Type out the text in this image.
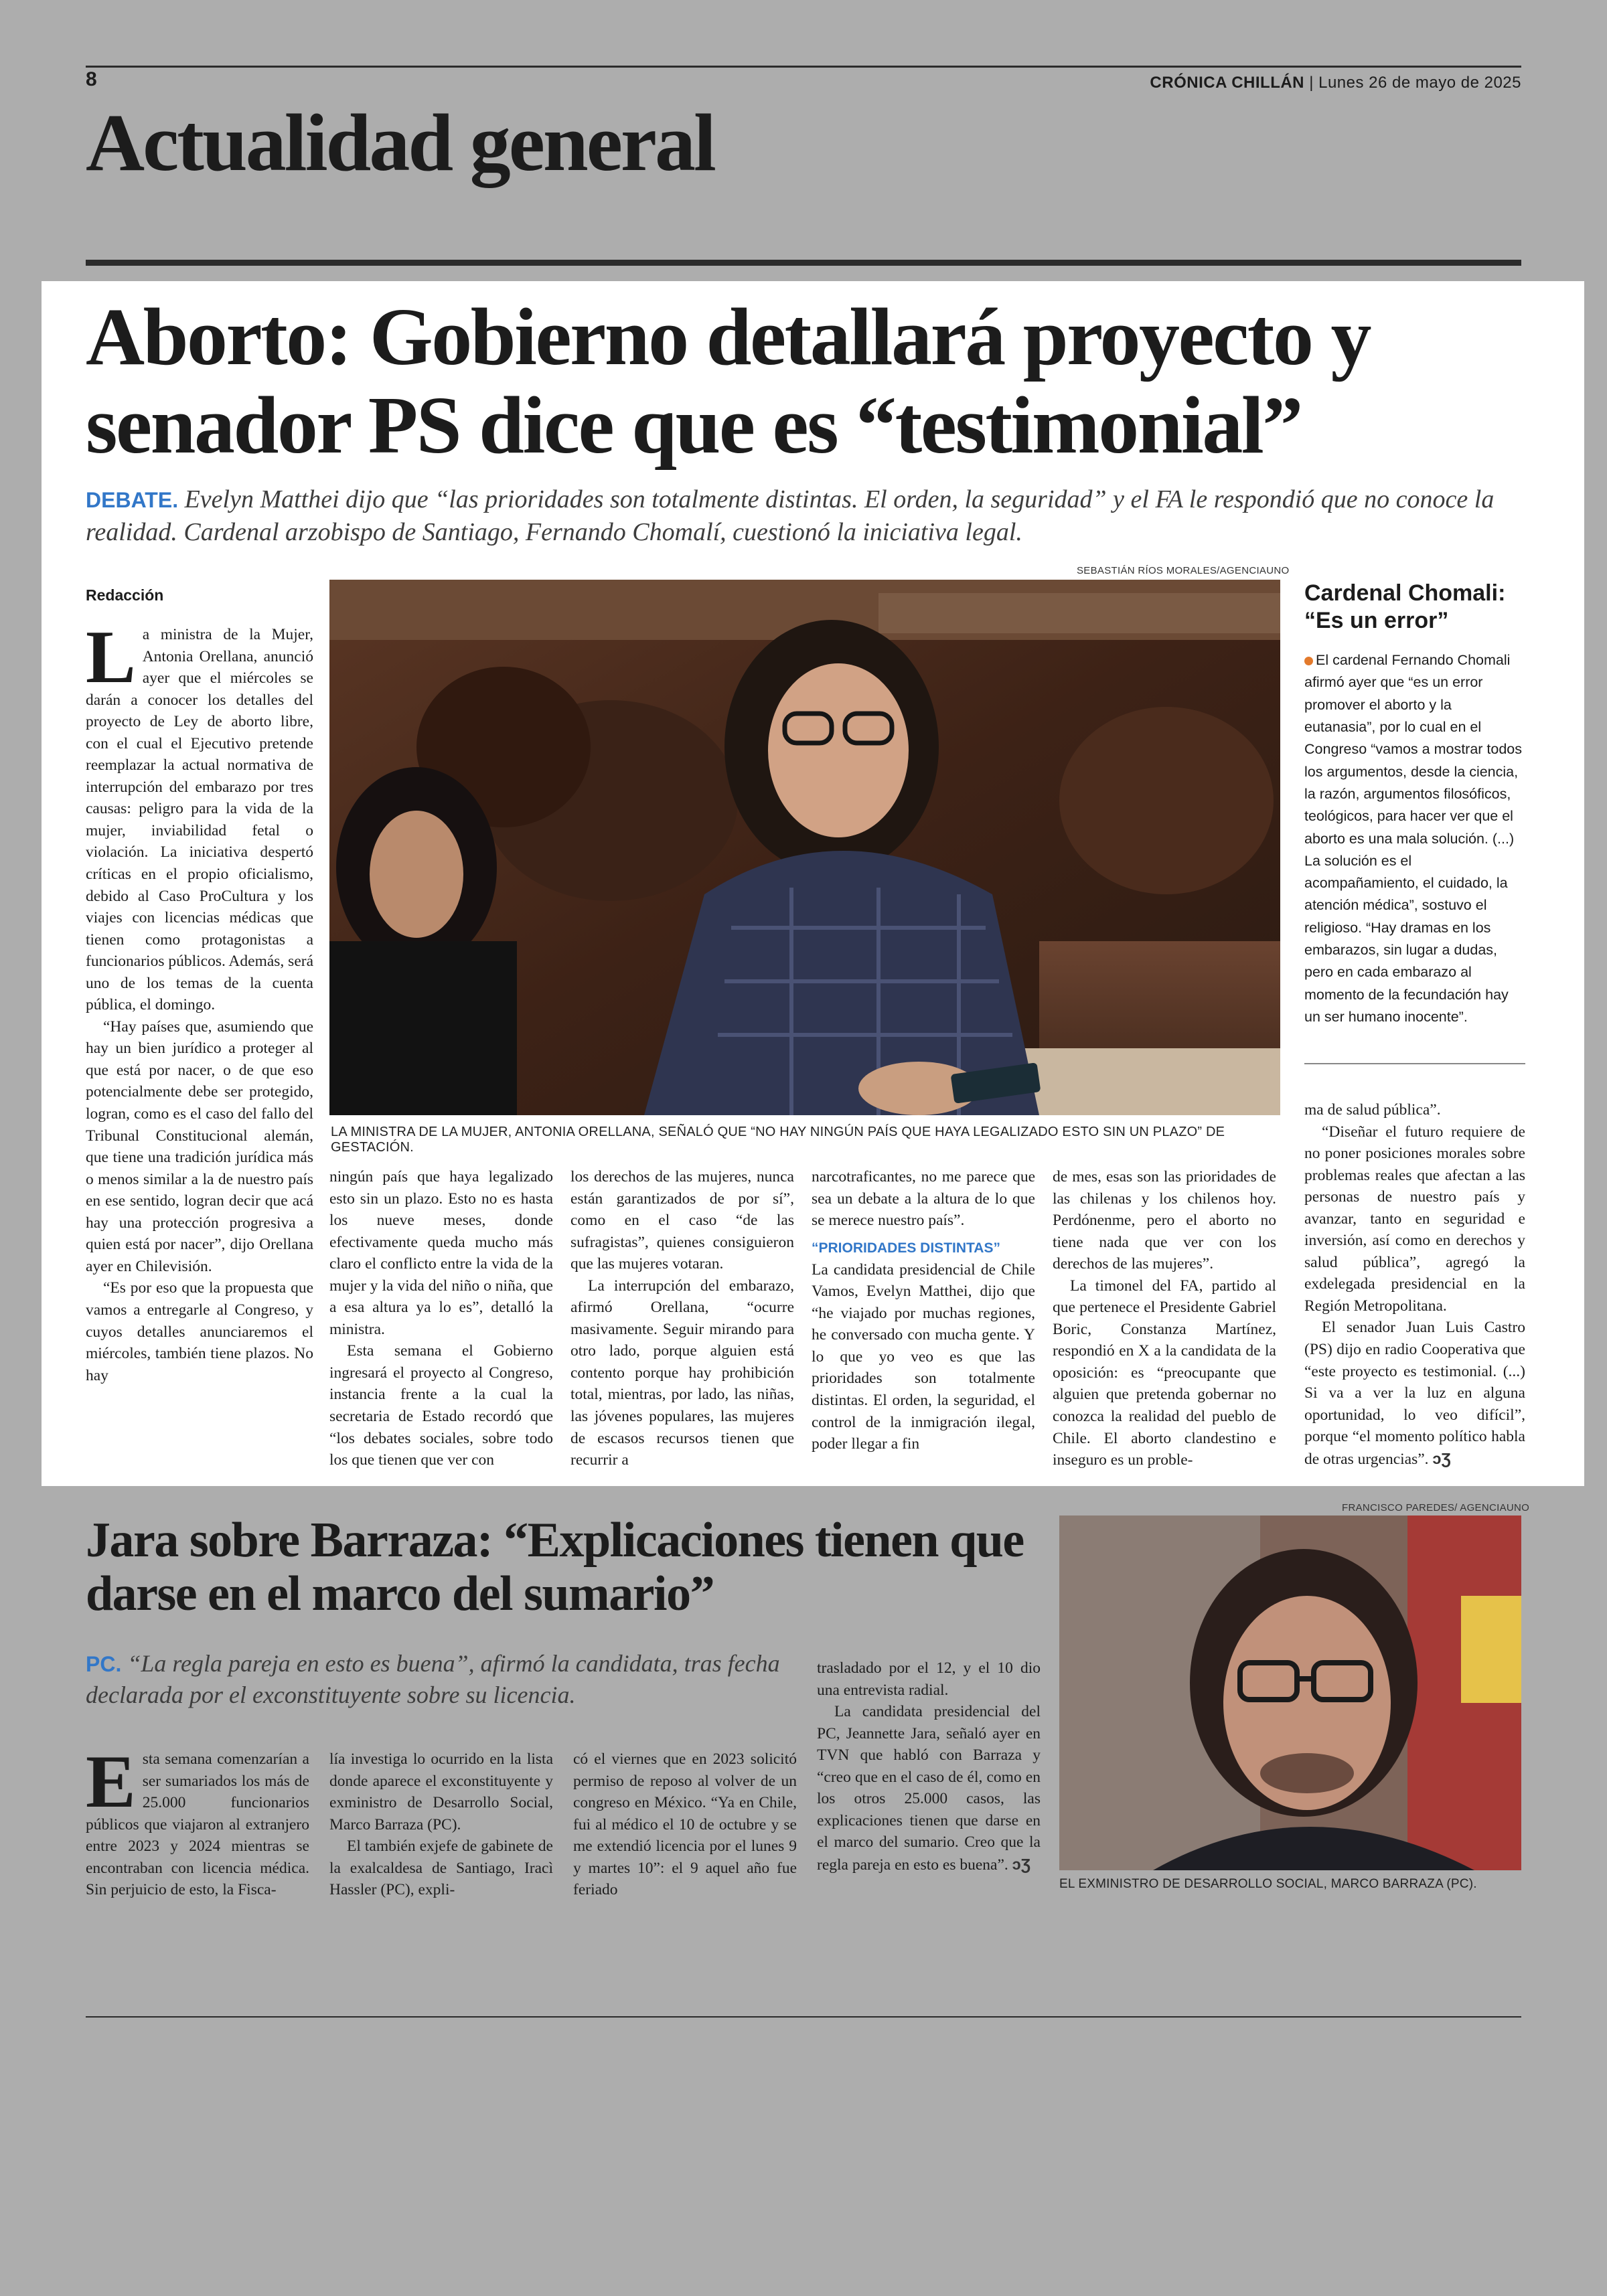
8	CRÓNICA CHILLÁN | Lunes 26 de mayo de 2025
Actualidad general
Aborto: Gobierno detallará proyecto y senador PS dice que es “testimonial”
DEBATE. Evelyn Matthei dijo que “las prioridades son totalmente distintas. El orden, la seguridad” y el FA le respondió que no conoce la realidad. Cardenal arzobispo de Santiago, Fernando Chomalí, cuestionó la iniciativa legal.
SEBASTIÁN RÍOS MORALES/AGENCIAUNO
LA MINISTRA DE LA MUJER, ANTONIA ORELLANA, SEÑALÓ QUE “NO HAY NINGÚN PAÍS QUE HAYA LEGALIZADO ESTO SIN UN PLAZO” DE GESTACIÓN.
Redacción

La ministra de la Mujer, Antonia Orellana, anunció ayer que el miércoles se darán a conocer los detalles del proyecto de Ley de aborto libre, con el cual el Ejecutivo pretende reemplazar la actual normativa de interrupción del embarazo por tres causas: peligro para la vida de la mujer, inviabilidad fetal o violación. La iniciativa despertó críticas en el propio oficialismo, debido al Caso ProCultura y los viajes con licencias médicas que tienen como protagonistas a funcionarios públicos. Además, será uno de los temas de la cuenta pública, el domingo.

“Hay países que, asumiendo que hay un bien jurídico a proteger al que está por nacer, o de que eso potencialmente debe ser protegido, logran, como es el caso del fallo del Tribunal Constitucional alemán, que tiene una tradición jurídica más o menos similar a la de nuestro país en ese sentido, logran decir que acá hay una protección progresiva a quien está por nacer”, dijo Orellana ayer en Chilevisión.

“Es por eso que la propuesta que vamos a entregarle al Congreso, y cuyos detalles anunciaremos el miércoles, también tiene plazos. No hay

ningún país que haya legalizado esto sin un plazo. Esto no es hasta los nueve meses, donde efectivamente queda mucho más claro el conflicto entre la vida de la mujer y la vida del niño o niña, que a esa altura ya lo es”, detalló la ministra.

Esta semana el Gobierno ingresará el proyecto al Congreso, instancia frente a la cual la secretaria de Estado recordó que “los debates sociales, sobre todo los que tienen que ver con

los derechos de las mujeres, nunca están garantizados de por sí”, como en el caso “de las sufragistas”, quienes consiguieron que las mujeres votaran.

La interrupción del embarazo, afirmó Orellana, “ocurre masivamente. Seguir mirando para otro lado, porque alguien está contento porque hay prohibición total, mientras, por lado, las niñas, las jóvenes populares, las mujeres de escasos recursos tienen que recurrir a

narcotraficantes, no me parece que sea un debate a la altura de lo que se merece nuestro país”.

“PRIORIDADES DISTINTAS”

La candidata presidencial de Chile Vamos, Evelyn Matthei, dijo que “he viajado por muchas regiones, he conversado con mucha gente. Y lo que yo veo es que las prioridades son totalmente distintas. El orden, la seguridad, el control de la inmigración ilegal, poder llegar a fin

de mes, esas son las prioridades de las chilenas y los chilenos hoy. Perdónenme, pero el aborto no tiene nada que ver con los derechos de las mujeres”.

La timonel del FA, partido al que pertenece el Presidente Gabriel Boric, Constanza Martínez, respondió en X a la candidata de la oposición: es “preocupante que alguien que pretenda gobernar no conozca la realidad del pueblo de Chile. El aborto clandestino e inseguro es un proble-

Cardenal Chomali: “Es un error”
El cardenal Fernando Chomali afirmó ayer que “es un error promover el aborto y la eutanasia”, por lo cual en el Congreso “vamos a mostrar todos los argumentos, desde la ciencia, la razón, argumentos filosóficos, teológicos, para hacer ver que el aborto es una mala solución. (...) La solución es el acompañamiento, el cuidado, la atención médica”, sostuvo el religioso. “Hay dramas en los embarazos, sin lugar a dudas, pero en cada embarazo al momento de la fecundación hay un ser humano inocente”.

ma de salud pública”.

“Diseñar el futuro requiere de no poner posiciones morales sobre problemas reales que afectan a las personas de nuestro país y avanzar, tanto en seguridad e inversión, así como en derechos y salud pública”, agregó la exdelegada presidencial en la Región Metropolitana.

El senador Juan Luis Castro (PS) dijo en radio Cooperativa que “este proyecto es testimonial. (...) Si va a ver la luz en alguna oportunidad, lo veo difícil”, porque “el momento político habla de otras urgencias”. ↄƷ

Jara sobre Barraza: “Explicaciones tienen que darse en el marco del sumario”
PC. “La regla pareja en esto es buena”, afirmó la candidata, tras fecha declarada por el exconstituyente sobre su licencia.

Esta semana comenzarían a ser sumariados los más de 25.000 funcionarios públicos que viajaron al extranjero entre 2023 y 2024 mientras se encontraban con licencia médica. Sin perjuicio de esto, la Fisca-

lía investiga lo ocurrido en la lista donde aparece el exconstituyente y exministro de Desarrollo Social, Marco Barraza (PC).

El también exjefe de gabinete de la exalcaldesa de Santiago, Iracì Hassler (PC), expli-

có el viernes que en 2023 solicitó permiso de reposo al volver de un congreso en México. “Ya en Chile, fui al médico el 10 de octubre y se me extendió licencia por el lunes 9 y martes 10”: el 9 aquel año fue feriado

trasladado por el 12, y el 10 dio una entrevista radial.

La candidata presidencial del PC, Jeannette Jara, señaló ayer en TVN que habló con Barraza y “creo que en el caso de él, como en los otros 25.000 casos, las explicaciones tienen que darse en el marco del sumario. Creo que la regla pareja en esto es buena”. ↄƷ

FRANCISCO PAREDES/ AGENCIAUNO
EL EXMINISTRO DE DESARROLLO SOCIAL, MARCO BARRAZA (PC).
